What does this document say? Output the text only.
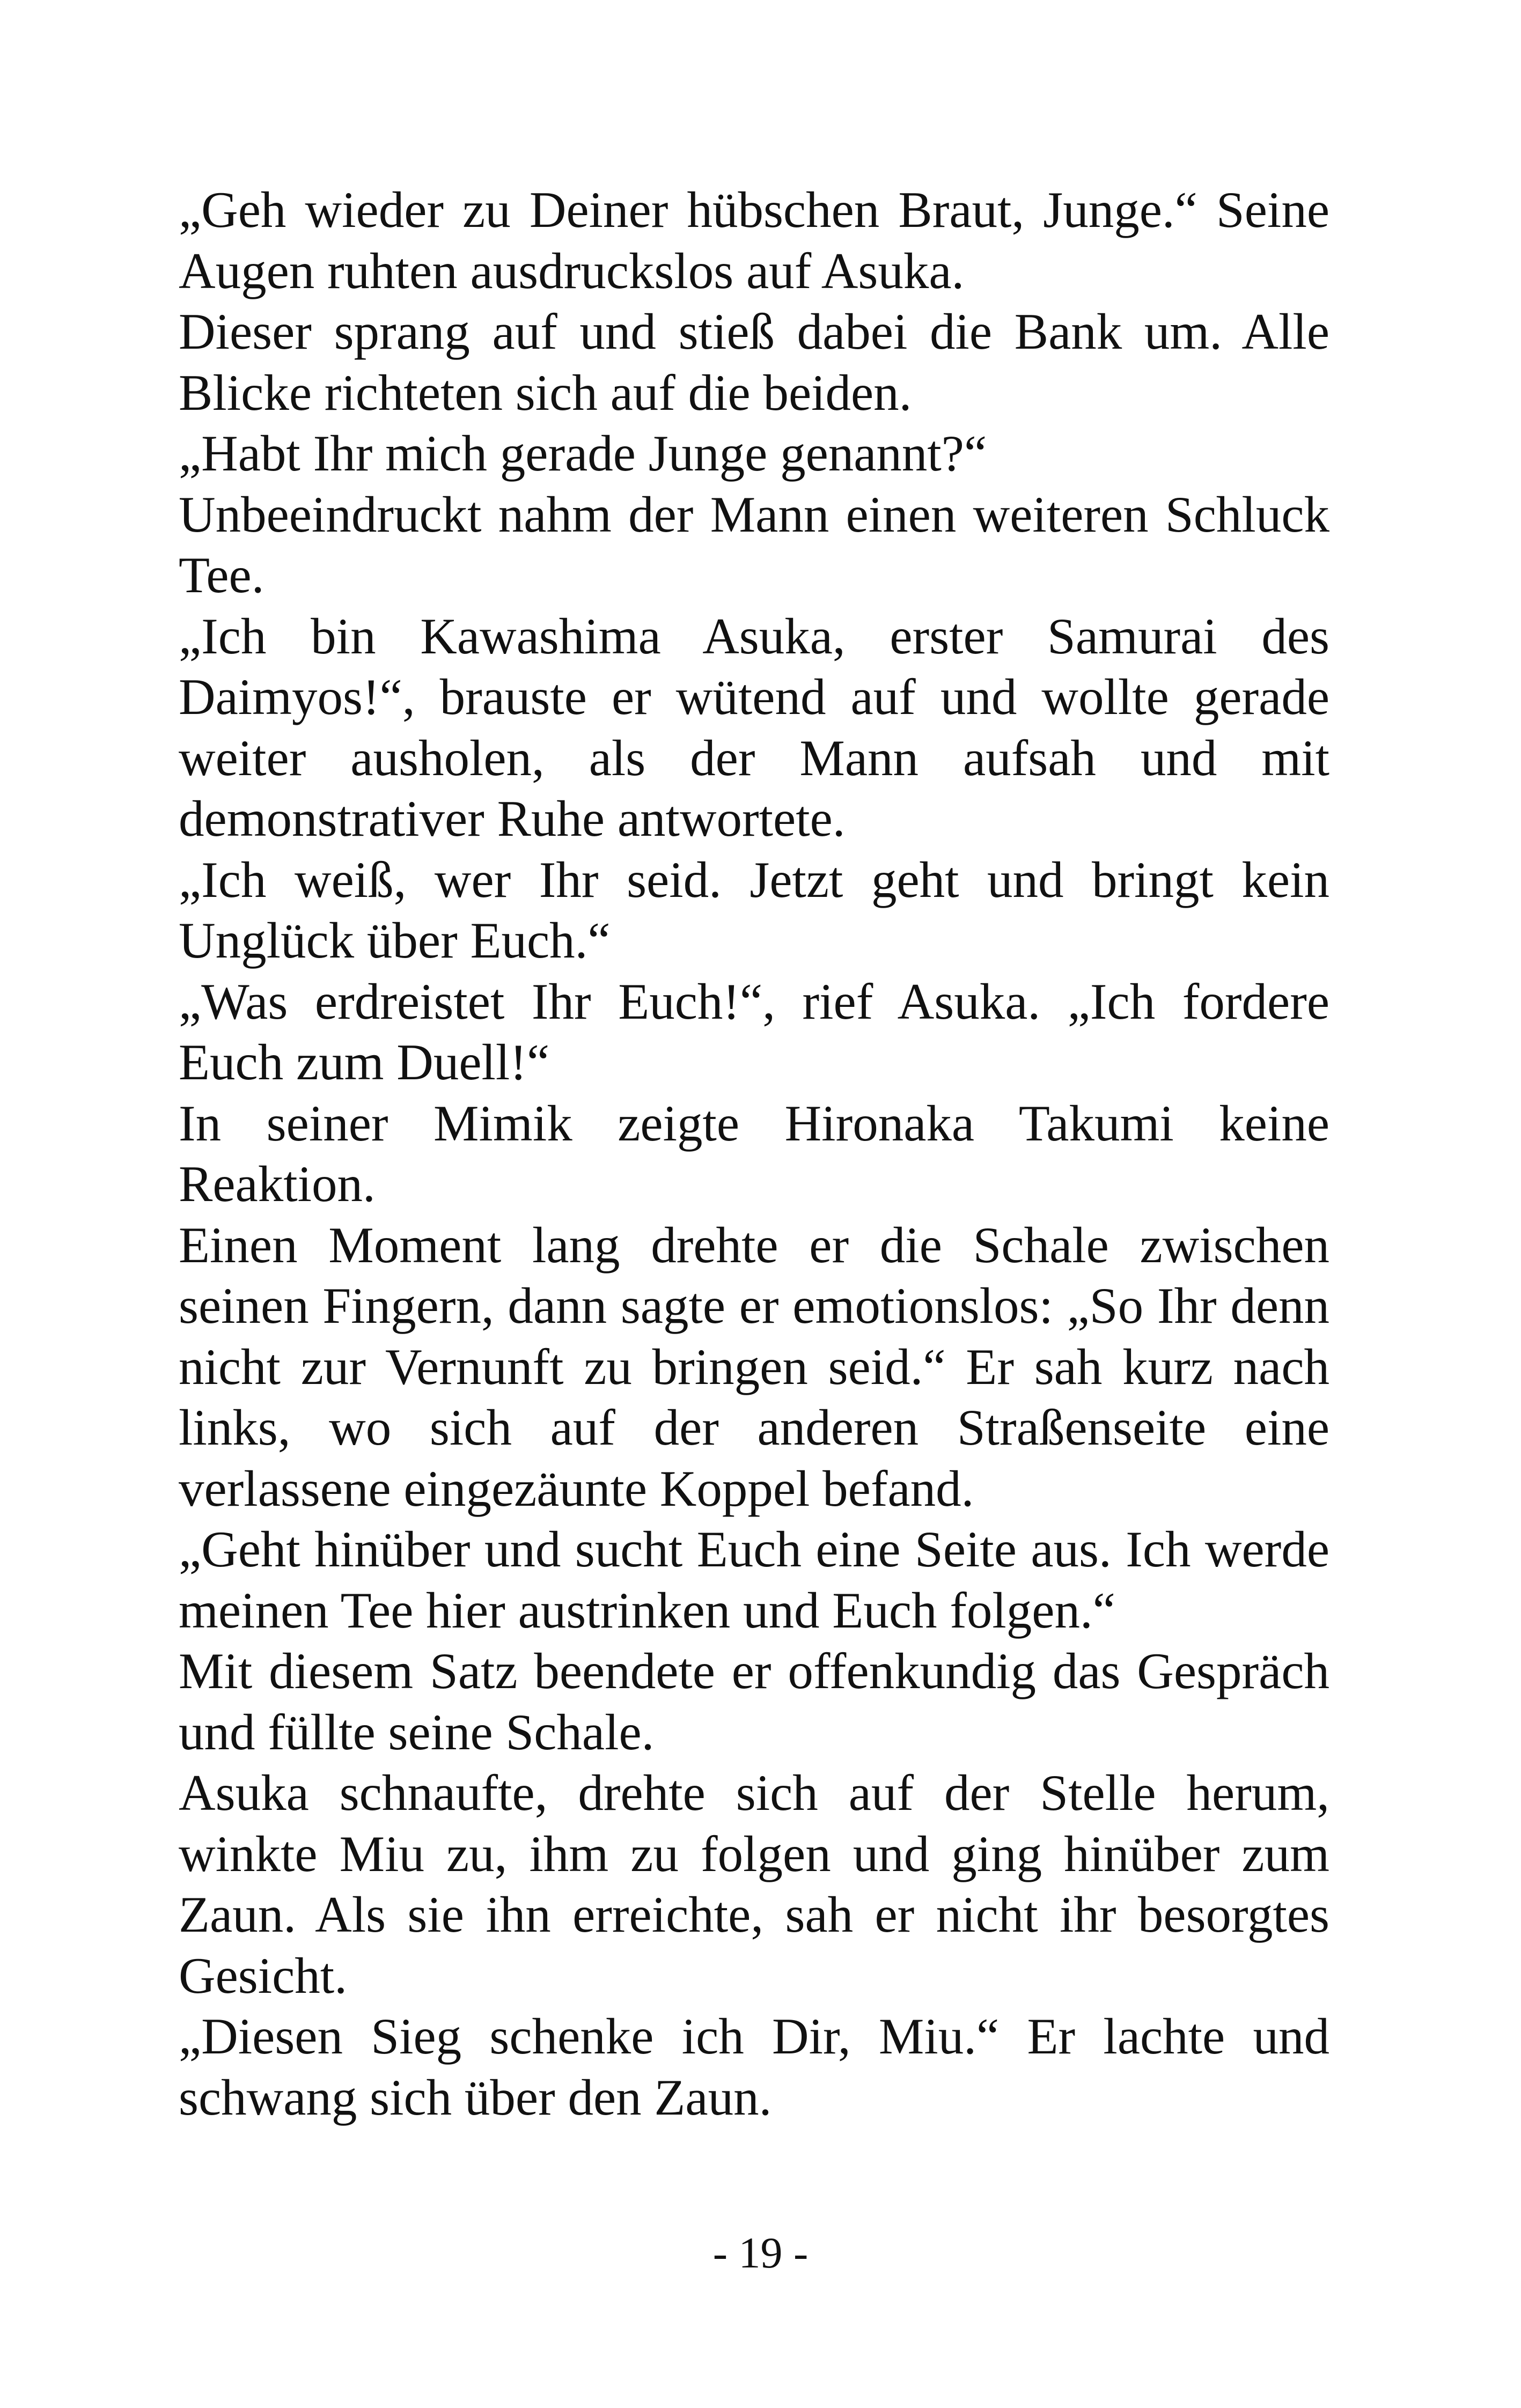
„Geh wieder zu Deiner hübschen Braut, Junge.“ Seine Augen ruhten ausdruckslos auf Asuka.

Dieser sprang auf und stieß dabei die Bank um. Alle Blicke richteten sich auf die beiden.

„Habt Ihr mich gerade Junge genannt?“

Unbeeindruckt nahm der Mann einen weiteren Schluck Tee.

„Ich bin Kawashima Asuka, erster Samurai des Daimyos!“, brauste er wütend auf und wollte gerade weiter ausholen, als der Mann aufsah und mit demonstrativer Ruhe antwortete.

„Ich weiß, wer Ihr seid. Jetzt geht und bringt kein Unglück über Euch.“

„Was erdreistet Ihr Euch!“, rief Asuka. „Ich fordere Euch zum Duell!“

In seiner Mimik zeigte Hironaka Takumi keine Reaktion.

Einen Moment lang drehte er die Schale zwischen seinen Fingern, dann sagte er emotionslos: „So Ihr denn nicht zur Vernunft zu bringen seid.“ Er sah kurz nach links, wo sich auf der anderen Straßenseite eine verlassene eingezäunte Koppel befand.

„Geht hinüber und sucht Euch eine Seite aus. Ich werde meinen Tee hier austrinken und Euch folgen.“

Mit diesem Satz beendete er offenkundig das Gespräch und füllte seine Schale.

Asuka schnaufte, drehte sich auf der Stelle herum, winkte Miu zu, ihm zu folgen und ging hinüber zum Zaun. Als sie ihn erreichte, sah er nicht ihr besorgtes Gesicht.

„Diesen Sieg schenke ich Dir, Miu.“ Er lachte und schwang sich über den Zaun.

- 19 -
